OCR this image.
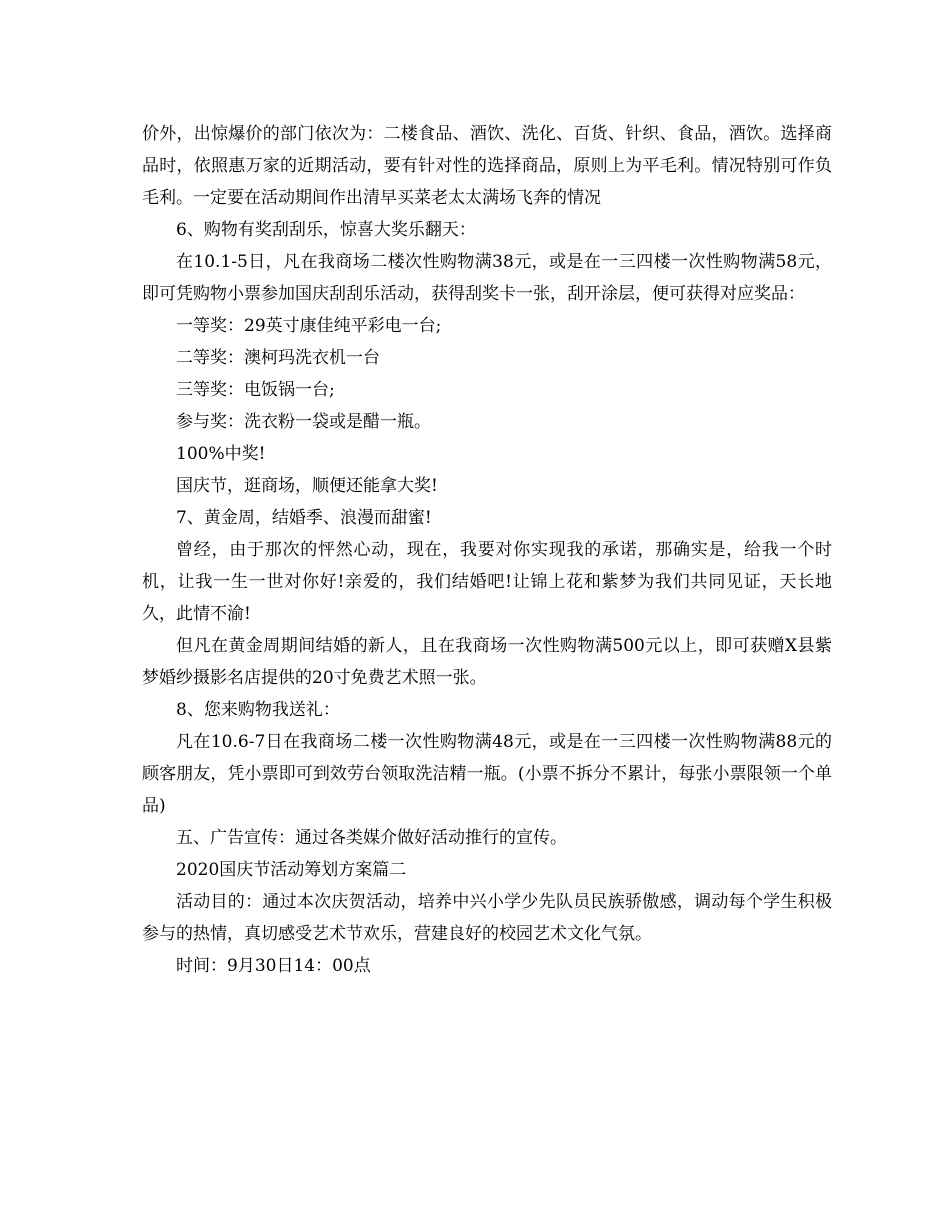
价外，出惊爆价的部门依次为：二楼食品、酒饮、洗化、百货、针织、食品，酒饮。选择商品时，依照惠万家的近期活动，要有针对性的选择商品，原则上为平毛利。情况特别可作负毛利。一定要在活动期间作出清早买菜老太太满场飞奔的情况

6、购物有奖刮刮乐，惊喜大奖乐翻天：

在10.1-5日，凡在我商场二楼次性购物满38元，或是在一三四楼一次性购物满58元，即可凭购物小票参加国庆刮刮乐活动，获得刮奖卡一张，刮开涂层，便可获得对应奖品：

一等奖：29英寸康佳纯平彩电一台;

二等奖：澳柯玛洗衣机一台

三等奖：电饭锅一台;

参与奖：洗衣粉一袋或是醋一瓶。

100%中奖!

国庆节，逛商场，顺便还能拿大奖!

7、黄金周，结婚季、浪漫而甜蜜!

曾经，由于那次的怦然心动，现在，我要对你实现我的承诺，那确实是，给我一个时机，让我一生一世对你好!亲爱的，我们结婚吧!让锦上花和紫梦为我们共同见证，天长地久，此情不渝!

但凡在黄金周期间结婚的新人，且在我商场一次性购物满500元以上，即可获赠X县紫梦婚纱摄影名店提供的20寸免费艺术照一张。

8、您来购物我送礼：

凡在10.6-7日在我商场二楼一次性购物满48元，或是在一三四楼一次性购物满88元的顾客朋友，凭小票即可到效劳台领取洗洁精一瓶。(小票不拆分不累计，每张小票限领一个单品)

五、广告宣传：通过各类媒介做好活动推行的宣传。

2020国庆节活动筹划方案篇二

活动目的：通过本次庆贺活动，培养中兴小学少先队员民族骄傲感，调动每个学生积极参与的热情，真切感受艺术节欢乐，营建良好的校园艺术文化气氛。

时间：9月30日14：00点
